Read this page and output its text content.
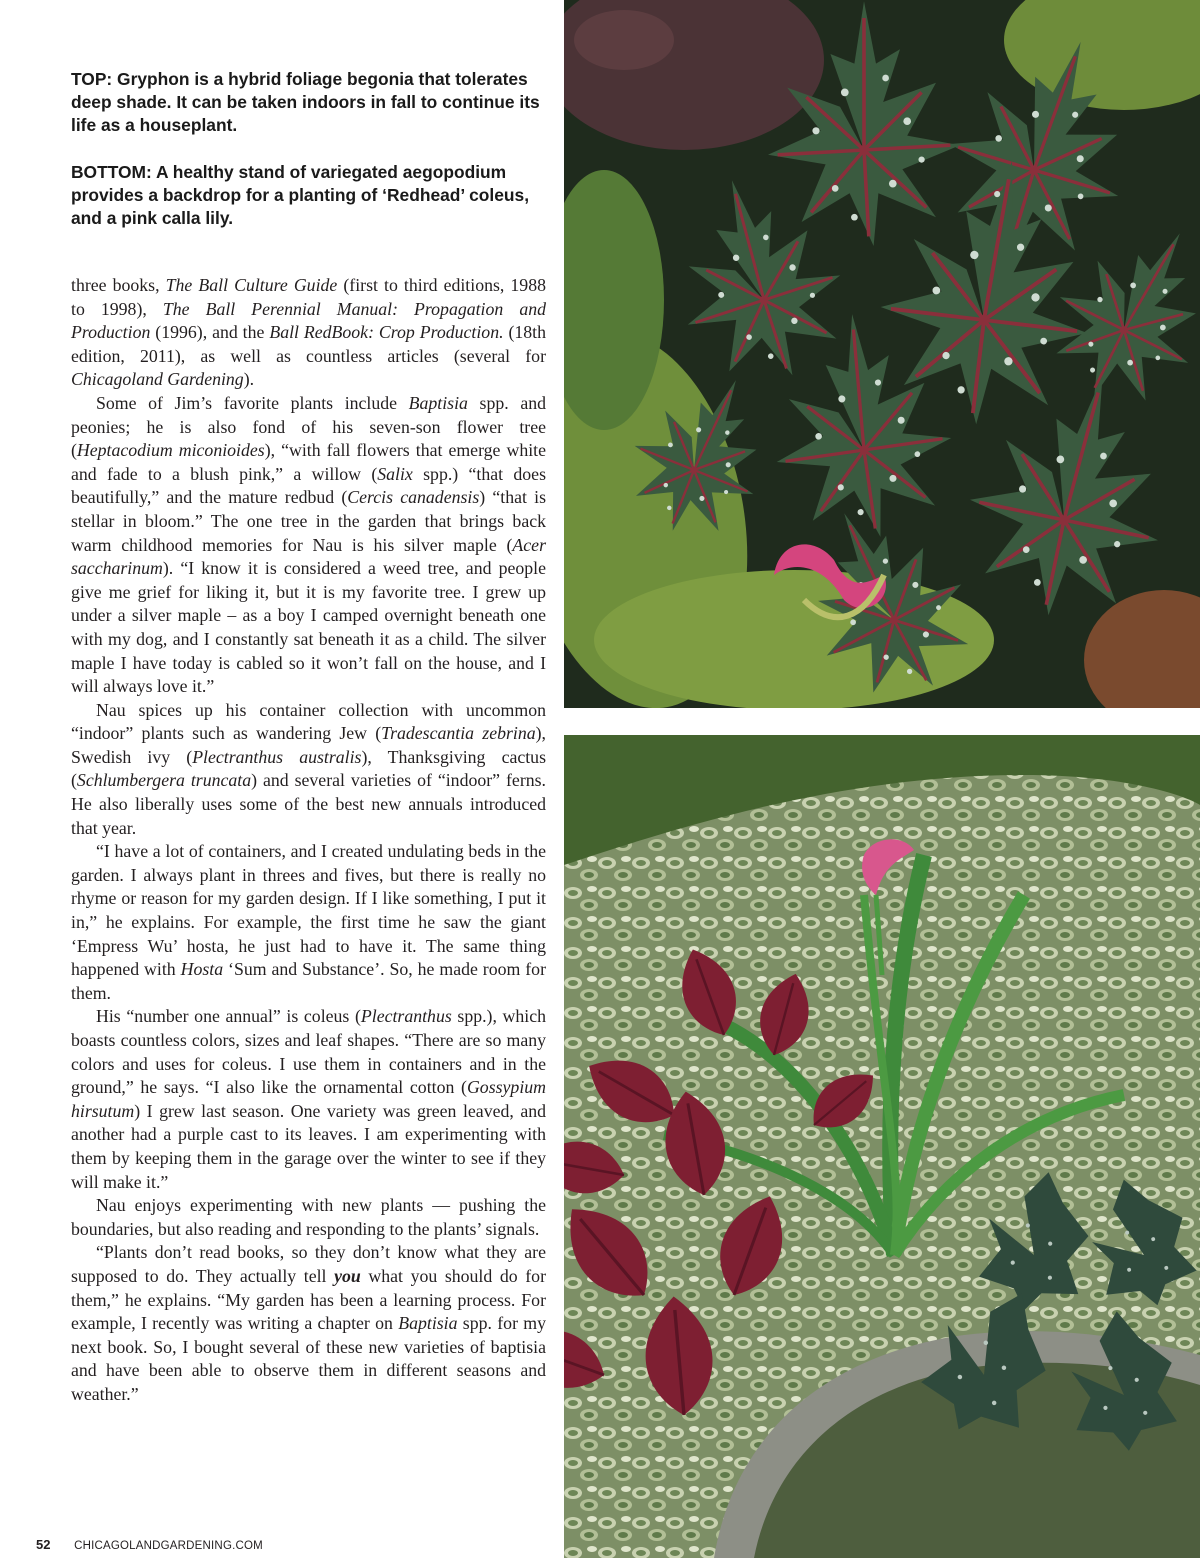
TOP: Gryphon is a hybrid foliage begonia that tolerates deep shade. It can be taken indoors in fall to continue its life as a houseplant.

BOTTOM: A healthy stand of variegated aegopodium provides a backdrop for a planting of ‘Redhead’ coleus, and a pink calla lily.

three books, The Ball Culture Guide (first to third editions, 1988 to 1998), The Ball Perennial Manual: Propagation and Production (1996), and the Ball RedBook: Crop Production. (18th edition, 2011), as well as countless articles (several for Chicagoland Gardening).

Some of Jim’s favorite plants include Baptisia spp. and peonies; he is also fond of his seven-son flower tree (Heptacodium miconioides), “with fall flowers that emerge white and fade to a blush pink,” a willow (Salix spp.) “that does beautifully,” and the mature redbud (Cercis canadensis) “that is stellar in bloom.” The one tree in the garden that brings back warm childhood memories for Nau is his silver maple (Acer saccharinum). “I know it is considered a weed tree, and people give me grief for liking it, but it is my favorite tree. I grew up under a silver maple – as a boy I camped overnight beneath one with my dog, and I constantly sat beneath it as a child. The silver maple I have today is cabled so it won’t fall on the house, and I will always love it.”

Nau spices up his container collection with uncommon “indoor” plants such as wandering Jew (Tradescantia zebrina), Swedish ivy (Plectranthus australis), Thanksgiving cactus (Schlumbergera truncata) and several varieties of “indoor” ferns. He also liberally uses some of the best new annuals introduced that year.

“I have a lot of containers, and I created undulating beds in the garden. I always plant in threes and fives, but there is really no rhyme or reason for my garden design. If I like something, I put it in,” he explains. For example, the first time he saw the giant ‘Empress Wu’ hosta, he just had to have it. The same thing happened with Hosta ‘Sum and Substance’. So, he made room for them.

His “number one annual” is coleus (Plectranthus spp.), which boasts countless colors, sizes and leaf shapes. “There are so many colors and uses for coleus. I use them in containers and in the ground,” he says. “I also like the ornamental cotton (Gossypium hirsutum) I grew last season. One variety was green leaved, and another had a purple cast to its leaves. I am experimenting with them by keeping them in the garage over the winter to see if they will make it.”

Nau enjoys experimenting with new plants — pushing the boundaries, but also reading and responding to the plants’ signals.

“Plants don’t read books, so they don’t know what they are supposed to do. They actually tell you what you should do for them,” he explains. “My garden has been a learning process. For example, I recently was writing a chapter on Baptisia spp. for my next book. So, I bought several of these new varieties of baptisia and have been able to observe them in different seasons and weather.”

52 CHICAGOLANDGARDENING.COM
